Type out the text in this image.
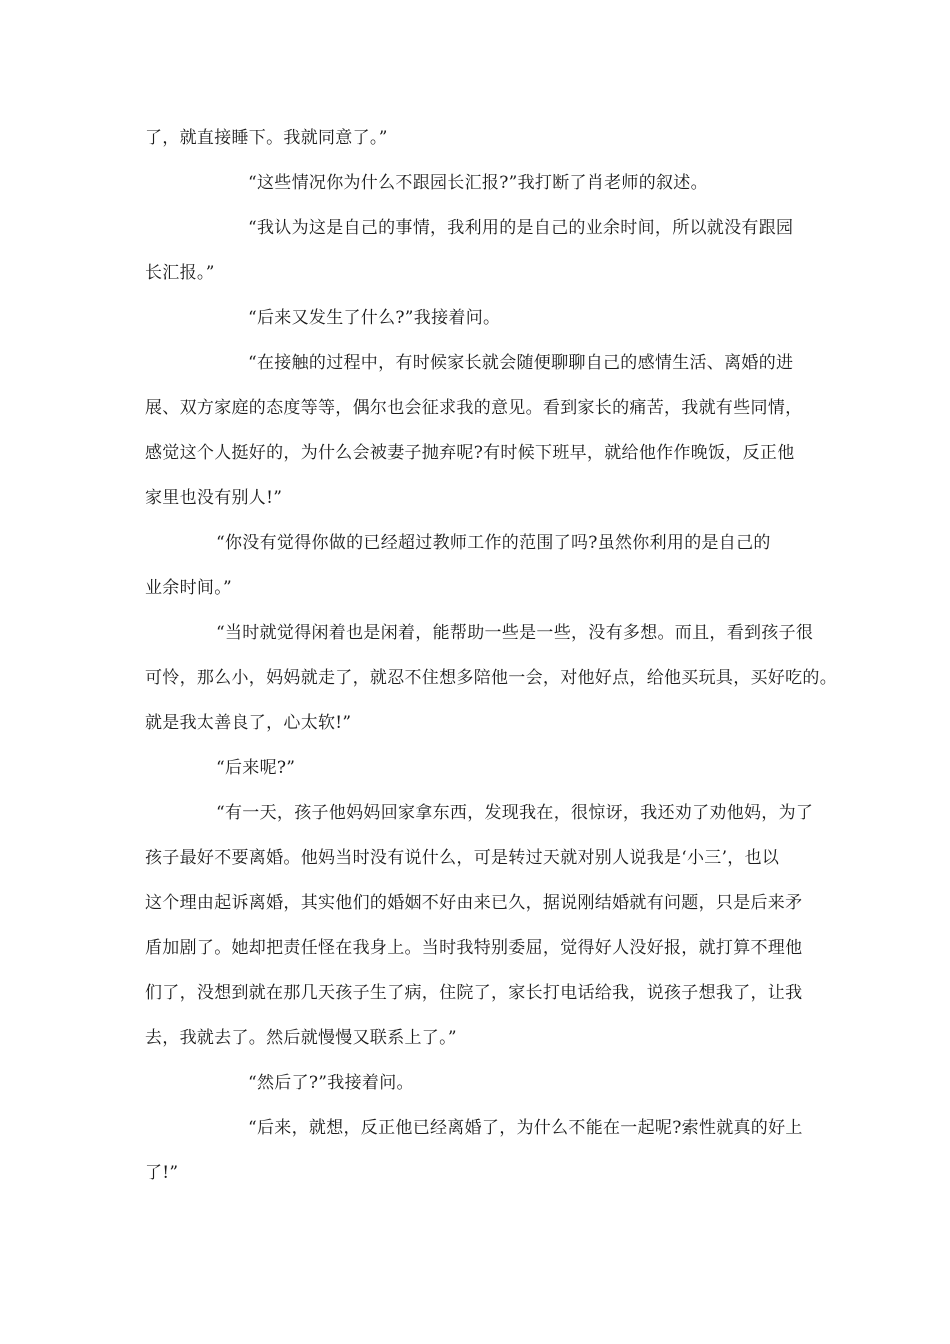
了，就直接睡下。我就同意了。”

“这些情况你为什么不跟园长汇报?”我打断了肖老师的叙述。

“我认为这是自己的事情，我利用的是自己的业余时间，所以就没有跟园

长汇报。”

“后来又发生了什么?”我接着问。

“在接触的过程中，有时候家长就会随便聊聊自己的感情生活、离婚的进

展、双方家庭的态度等等，偶尔也会征求我的意见。看到家长的痛苦，我就有些同情，

感觉这个人挺好的，为什么会被妻子抛弃呢?有时候下班早，就给他作作晚饭，反正他

家里也没有别人!”

“你没有觉得你做的已经超过教师工作的范围了吗?虽然你利用的是自己的

业余时间。”

“当时就觉得闲着也是闲着，能帮助一些是一些，没有多想。而且，看到孩子很

可怜，那么小，妈妈就走了，就忍不住想多陪他一会，对他好点，给他买玩具，买好吃的。

就是我太善良了，心太软!”

“后来呢?”

“有一天，孩子他妈妈回家拿东西，发现我在，很惊讶，我还劝了劝他妈，为了

孩子最好不要离婚。他妈当时没有说什么，可是转过天就对别人说我是‘小三’，也以

这个理由起诉离婚，其实他们的婚姻不好由来已久，据说刚结婚就有问题，只是后来矛

盾加剧了。她却把责任怪在我身上。当时我特别委屈，觉得好人没好报，就打算不理他

们了，没想到就在那几天孩子生了病，住院了，家长打电话给我，说孩子想我了，让我

去，我就去了。然后就慢慢又联系上了。”

“然后了?”我接着问。

“后来，就想，反正他已经离婚了，为什么不能在一起呢?索性就真的好上

了!”
